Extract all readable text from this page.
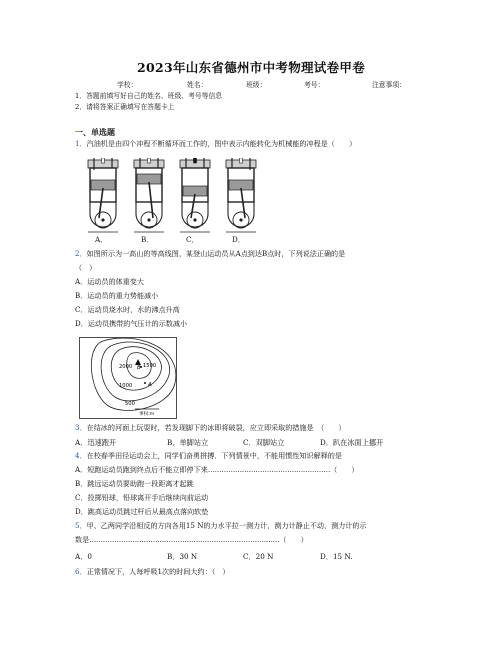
2023年山东省德州市中考物理试卷甲卷
学校：	姓名：	班级：	考号：	注意事项：
1．答题前填写好自己的姓名、班级、考号等信息
2．请将答案正确填写在答题卡上
一、单选题
1．汽油机是由四个冲程不断循环而工作的，图中表示内能转化为机械能的冲程是（　　）
A．	B．	C．	D．
2．如图所示为一高山的等高线图，某登山运动员从A点到达B点时，下列说法正确的是
（　）
A．运动员的体重变大
B．运动员的重力势能减小
C．运动员烧水时，水的沸点升高
D．运动员携带的气压计的示数减小
B
A
2000 1500
1000
500
事权:m
3．在结冰的河面上玩耍时，若发现脚下的冰即将破裂，应立即采取的措施是　（　　）
A．迅速跑开	B．单脚站立	C．双脚站立	D．趴在冰面上挪开
4．在校春季田径运动会上，同学们奋勇拼搏．下列情景中，不能用惯性知识解释的是
A．短跑运动员跑到终点后不能立即停下来………………………………………………（　　）
B．跳远运动员要助跑一段距离才起跳
C．投掷铅球，铅球离开手后继续向前运动
D．跳高运动员跳过杆后从最高点落向软垫
5．甲、乙两同学沿相反的方向各用15 N的力水平拉一测力计，测力计静止不动，测力计的示
数是…………………………………………………………………………（　　）
A．0	B．30 N	C．20 N	D．15 N.
6．正常情况下，人每呼吸1次的时间大约：（　）
